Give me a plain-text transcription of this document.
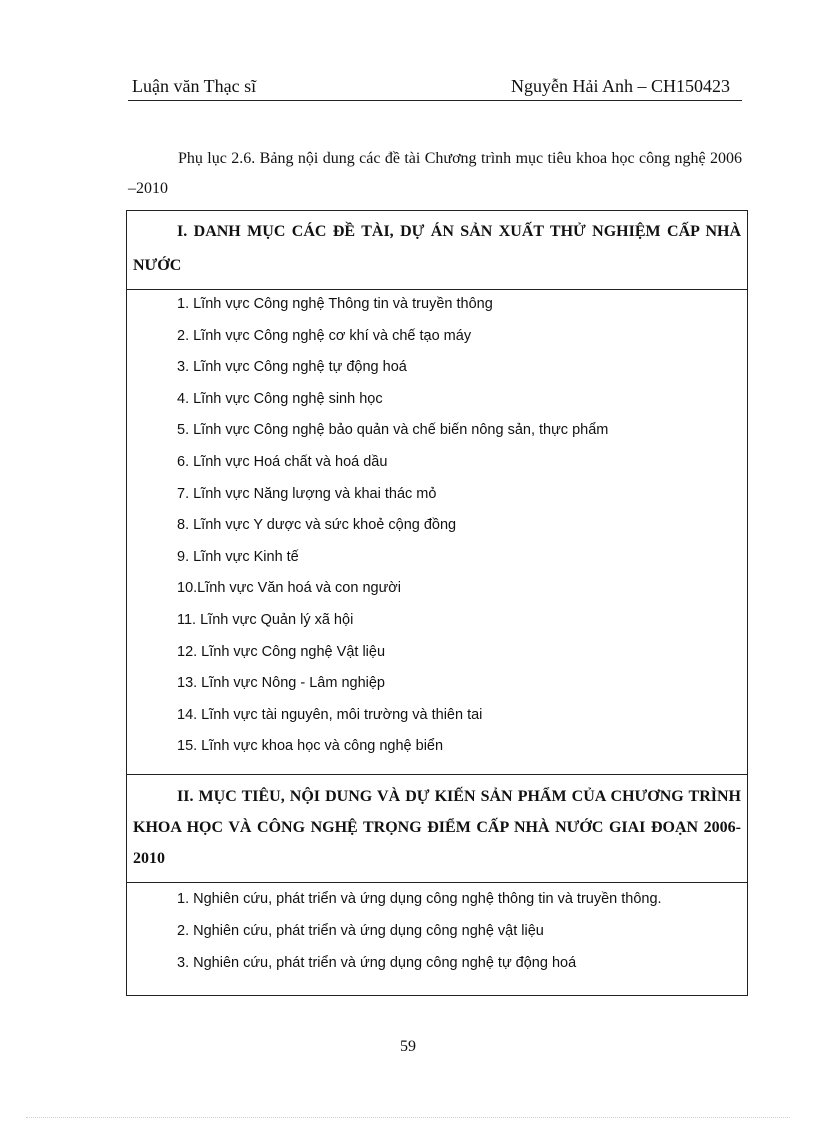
Luận văn Thạc sĩ	Nguyễn Hải Anh – CH150423
Phụ lục 2.6. Bảng nội dung các đề tài Chương trình mục tiêu khoa học công nghệ 2006 –2010
I. DANH MỤC CÁC ĐỀ TÀI, DỰ ÁN SẢN XUẤT THỬ NGHIỆM CẤP NHÀ NƯỚC

1. Lĩnh vực Công nghệ Thông tin và truyền thông
2. Lĩnh vực Công nghệ cơ khí và chế tạo máy
3. Lĩnh vực Công nghệ tự động hoá
4. Lĩnh vực Công nghệ sinh học
5. Lĩnh vực Công nghệ bảo quản và chế biến nông sản, thực phẩm
6. Lĩnh vực Hoá chất và hoá dầu
7. Lĩnh vực Năng lượng và khai thác mỏ
8. Lĩnh vực Y dược và sức khoẻ cộng đồng
9. Lĩnh vực Kinh tế
10.Lĩnh vực Văn hoá và con người
11. Lĩnh vực Quản lý xã hội
12. Lĩnh vực Công nghệ Vật liệu
13. Lĩnh vực Nông - Lâm nghiệp
14. Lĩnh vực tài nguyên, môi trường và thiên tai
15. Lĩnh vực khoa học và công nghệ biển

II. MỤC TIÊU, NỘI DUNG VÀ DỰ KIẾN SẢN PHẨM CỦA CHƯƠNG TRÌNH KHOA HỌC VÀ CÔNG NGHỆ TRỌNG ĐIỂM CẤP NHÀ NƯỚC GIAI ĐOẠN 2006-2010

1. Nghiên cứu, phát triển và ứng dụng công nghệ thông tin và truyền thông.
2. Nghiên cứu, phát triển và ứng dụng công nghệ vật liệu
3. Nghiên cứu, phát triển và ứng dụng công nghệ tự động hoá
59
